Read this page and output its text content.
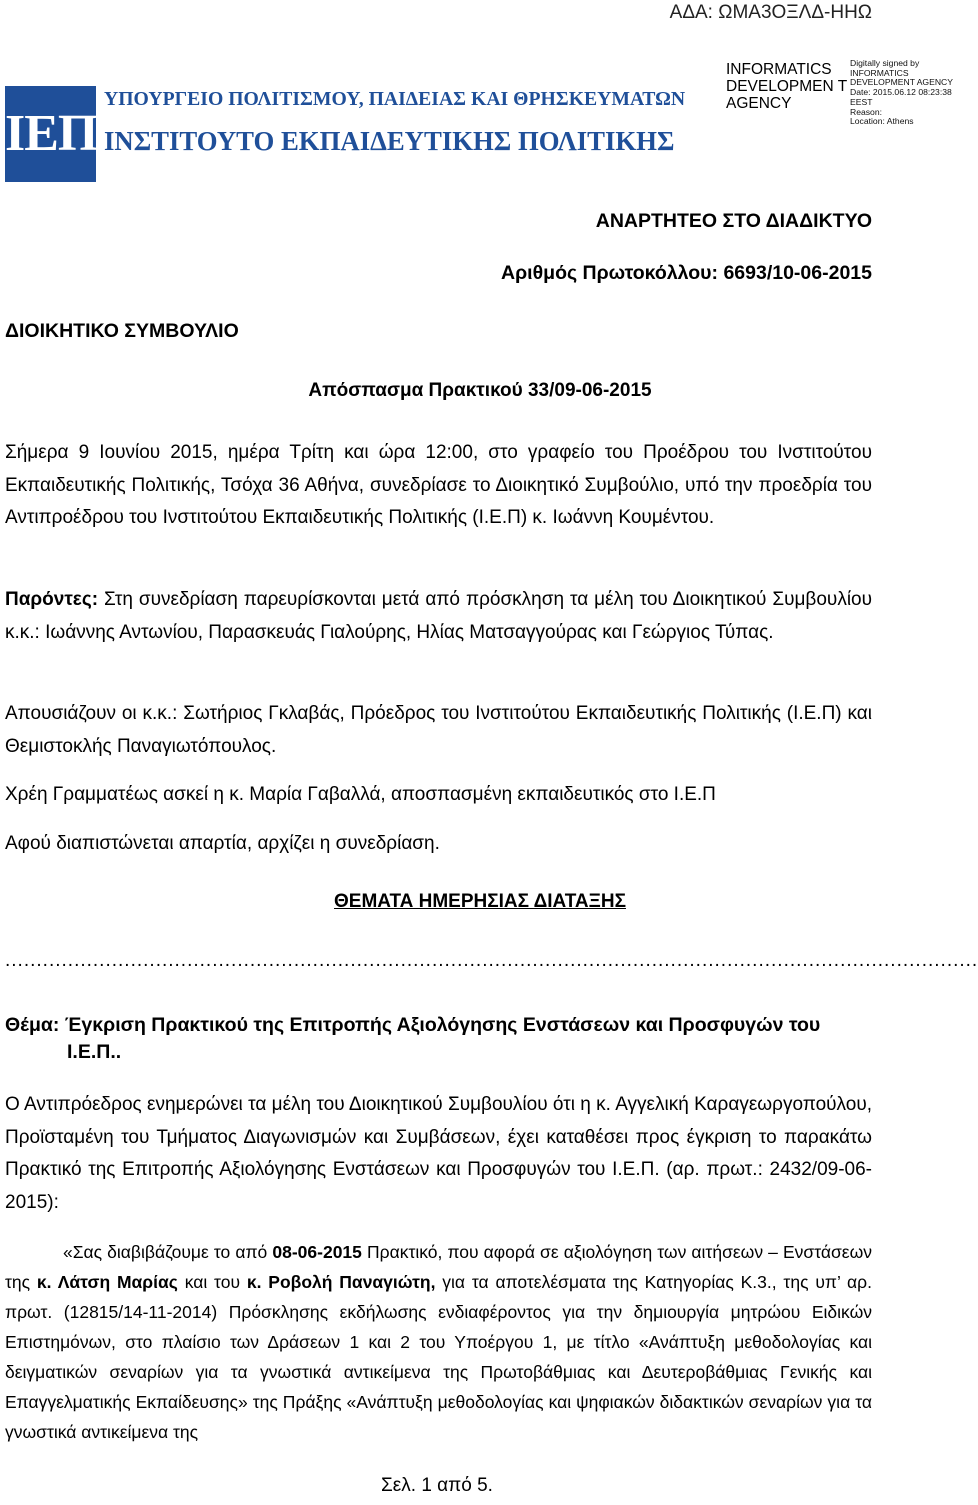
ΑΔΑ: ΩΜΑ3ΟΞΛΔ-ΗΗΩ
INFORMATICS DEVELOPMEN T AGENCY
Digitally signed by
INFORMATICS
DEVELOPMENT AGENCY
Date: 2015.06.12 08:23:38
EEST
Reason:
Location: Athens
ΙΕΠ
ΥΠΟΥΡΓΕΙΟ ΠΟΛΙΤΙΣΜΟΥ, ΠΑΙΔΕΙΑΣ ΚΑΙ ΘΡΗΣΚΕΥΜΑΤΩΝ
ΙΝΣΤΙΤΟΥΤΟ ΕΚΠΑΙΔΕΥΤΙΚΗΣ ΠΟΛΙΤΙΚΗΣ
ΑΝΑΡΤΗΤΕΟ ΣΤΟ ΔΙΑΔΙΚΤΥΟ
Αριθμός Πρωτοκόλλου: 6693/10-06-2015
ΔΙΟΙΚΗΤΙΚΟ ΣΥΜΒΟΥΛΙΟ
Απόσπασμα Πρακτικού 33/09-06-2015
Σήμερα 9 Ιουνίου 2015, ημέρα Τρίτη και ώρα 12:00, στο γραφείο του Προέδρου του Ινστιτούτου Εκπαιδευτικής Πολιτικής, Τσόχα 36 Αθήνα, συνεδρίασε το Διοικητικό Συμβούλιο, υπό την προεδρία του Αντιπροέδρου του Ινστιτούτου Εκπαιδευτικής Πολιτικής (Ι.Ε.Π) κ. Ιωάννη Κουμέντου.
Παρόντες: Στη συνεδρίαση παρευρίσκονται μετά από πρόσκληση τα μέλη του Διοικητικού Συμβουλίου κ.κ.: Ιωάννης Αντωνίου, Παρασκευάς Γιαλούρης, Ηλίας Ματσαγγούρας και Γεώργιος Τύπας.
Απουσιάζουν οι κ.κ.: Σωτήριος Γκλαβάς, Πρόεδρος του Ινστιτούτου Εκπαιδευτικής Πολιτικής (Ι.Ε.Π) και Θεμιστοκλής Παναγιωτόπουλος.
Χρέη Γραμματέως ασκεί η κ. Μαρία Γαβαλλά, αποσπασμένη εκπαιδευτικός στο Ι.Ε.Π
Αφού διαπιστώνεται απαρτία, αρχίζει η συνεδρίαση.
ΘΕΜΑΤΑ ΗΜΕΡΗΣΙΑΣ ΔΙΑΤΑΞΗΣ
...........................................................................................................................................................
Θέμα: Έγκριση Πρακτικού της Επιτροπής Αξιολόγησης Ενστάσεων και Προσφυγών του
Ι.Ε.Π..
Ο Αντιπρόεδρος ενημερώνει τα μέλη του Διοικητικού Συμβουλίου ότι η κ. Αγγελική Καραγεωργοπούλου, Προϊσταμένη του Τμήματος Διαγωνισμών και Συμβάσεων, έχει καταθέσει προς έγκριση το παρακάτω Πρακτικό της Επιτροπής Αξιολόγησης Ενστάσεων και Προσφυγών του Ι.Ε.Π. (αρ. πρωτ.: 2432/09-06-2015):
«Σας διαβιβάζουμε το από 08-06-2015 Πρακτικό, που αφορά σε αξιολόγηση των αιτήσεων – Ενστάσεων της κ. Λάτση Μαρίας και του κ. Ροβολή Παναγιώτη, για τα αποτελέσματα της Κατηγορίας Κ.3., της υπ’ αρ. πρωτ. (12815/14-11-2014) Πρόσκλησης εκδήλωσης ενδιαφέροντος για την δημιουργία μητρώου Ειδικών Επιστημόνων, στο πλαίσιο των Δράσεων 1 και 2 του Υποέργου 1, με τίτλο «Ανάπτυξη μεθοδολογίας και δειγματικών σεναρίων για τα γνωστικά αντικείμενα της Πρωτοβάθμιας και Δευτεροβάθμιας Γενικής και Επαγγελματικής Εκπαίδευσης» της Πράξης «Ανάπτυξη μεθοδολογίας και ψηφιακών διδακτικών σεναρίων για τα γνωστικά αντικείμενα της
Σελ. 1 από 5.
